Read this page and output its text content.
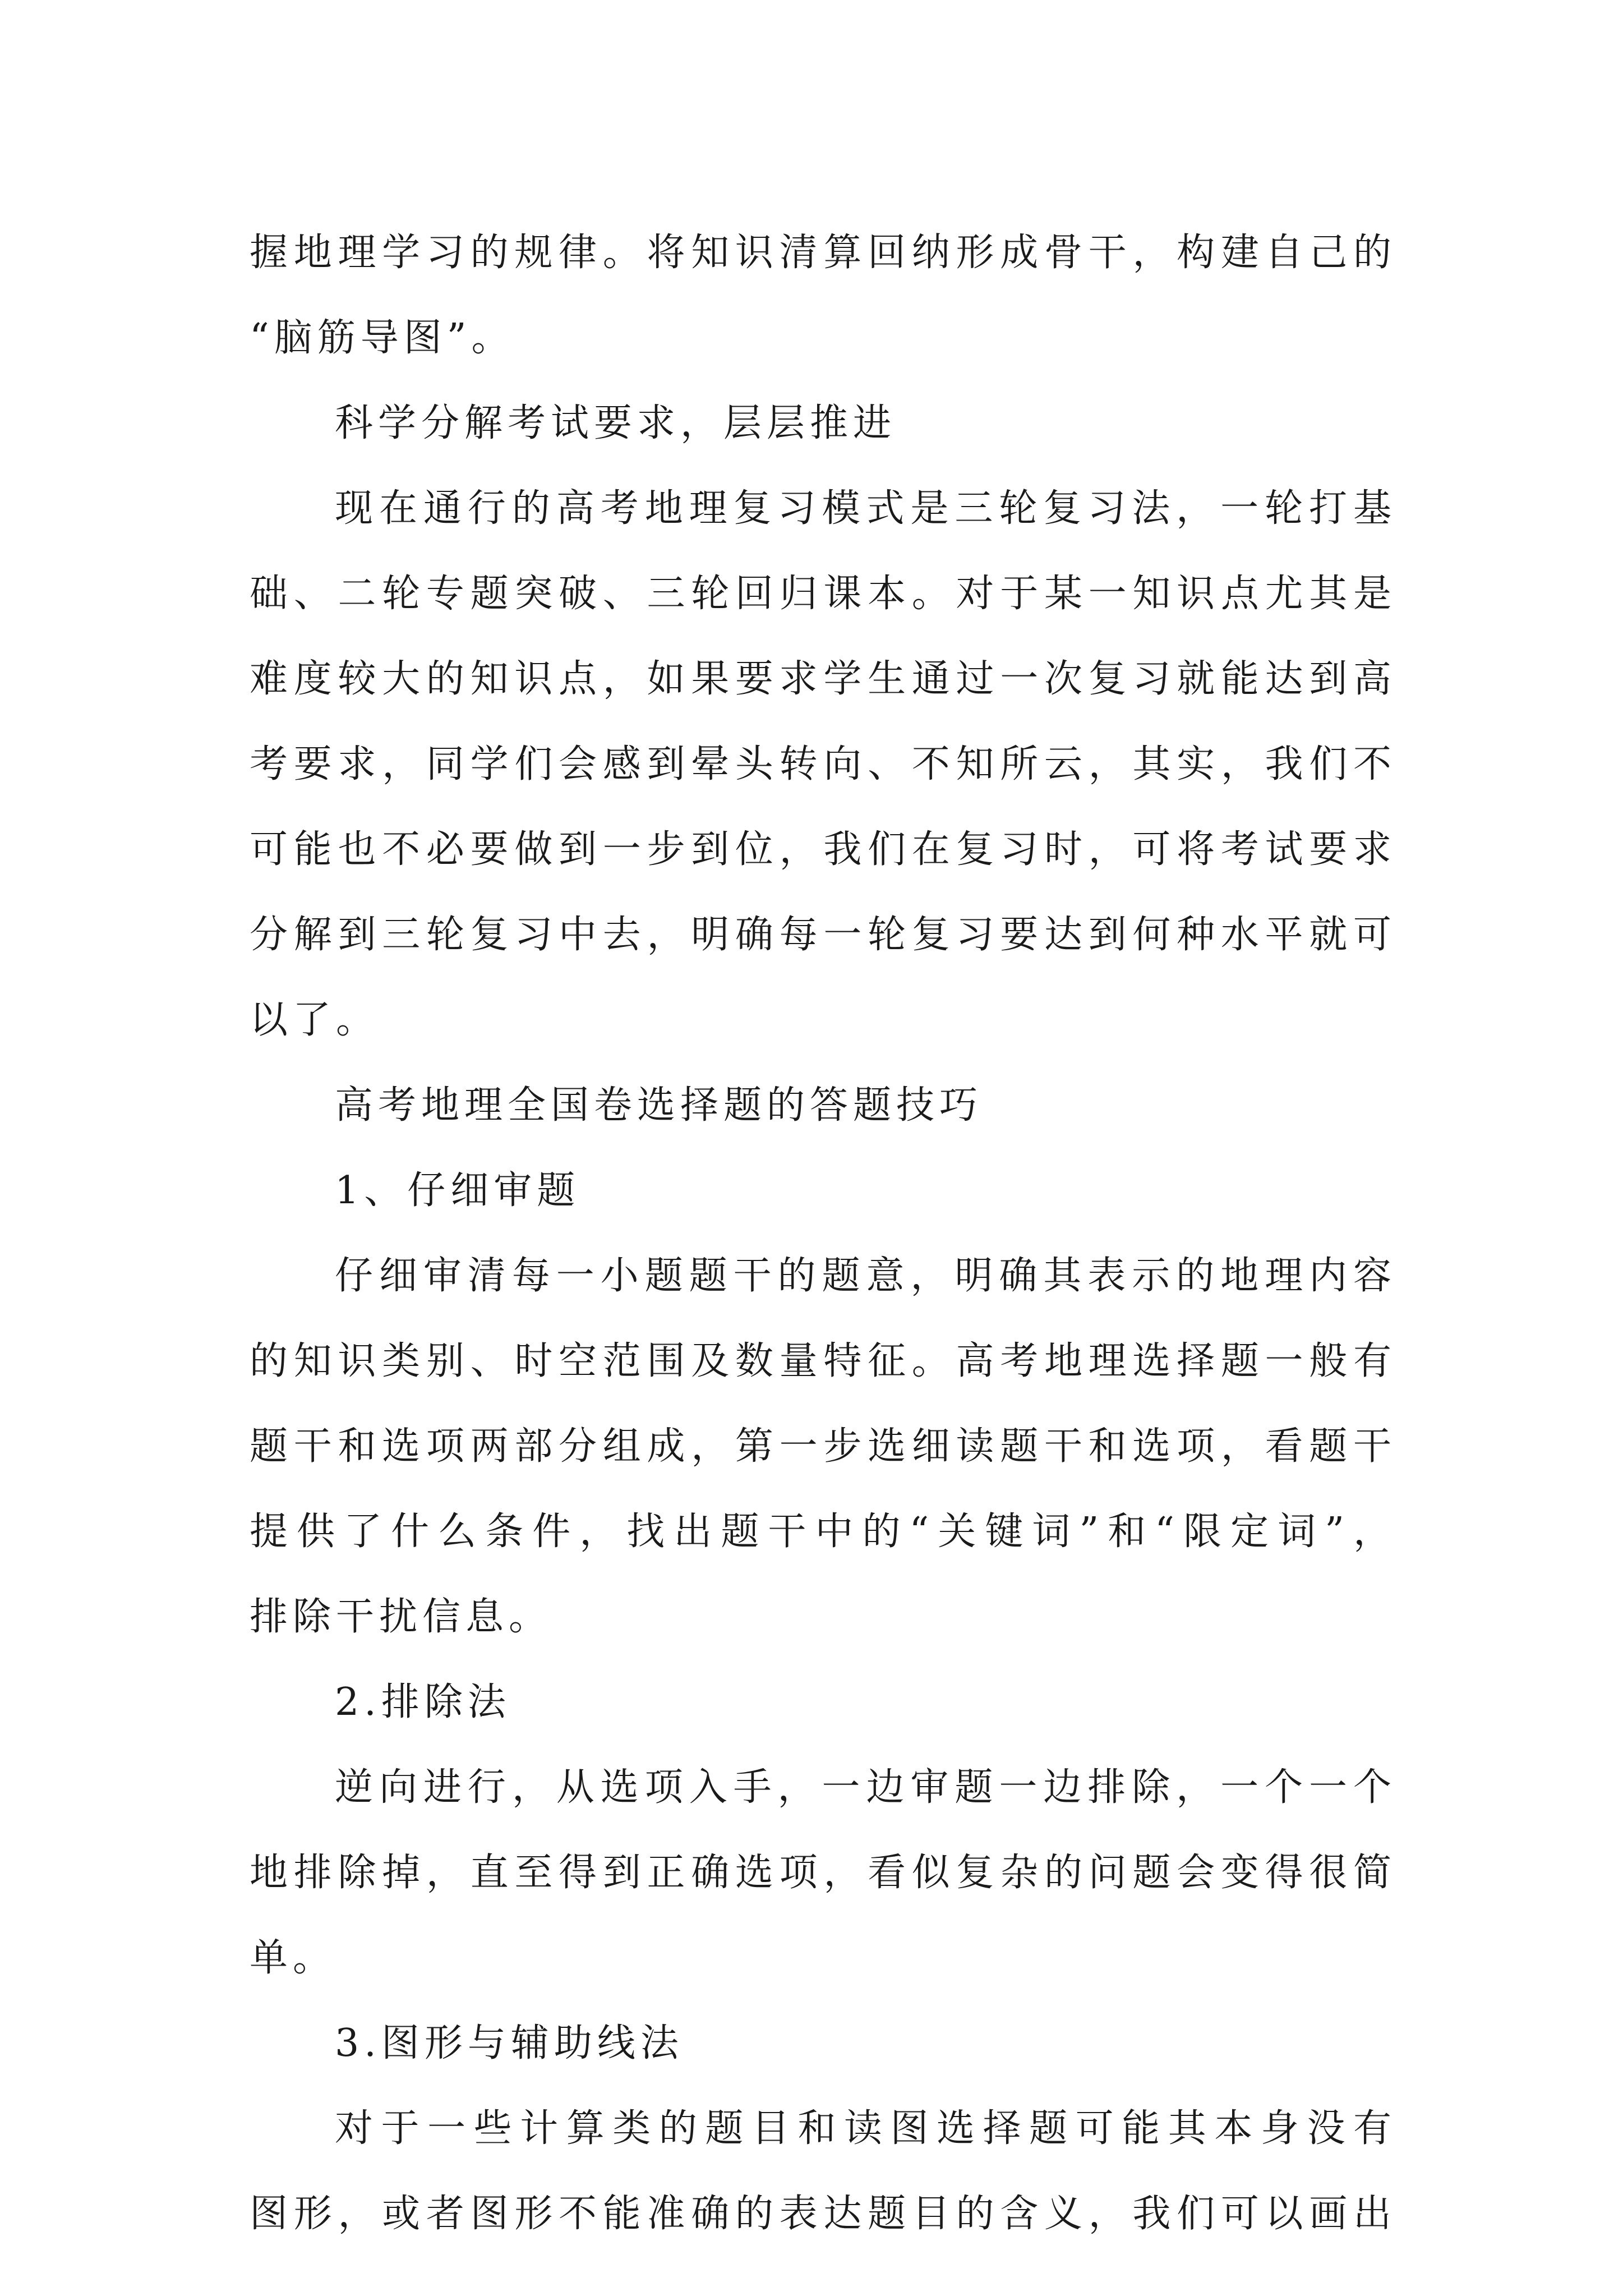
握地理学习的规律。将知识清算回纳形成骨干，构建自己的
“脑筋导图”。
科学分解考试要求，层层推进
现在通行的高考地理复习模式是三轮复习法，一轮打基
础、二轮专题突破、三轮回归课本。对于某一知识点尤其是
难度较大的知识点，如果要求学生通过一次复习就能达到高
考要求，同学们会感到晕头转向、不知所云，其实，我们不
可能也不必要做到一步到位，我们在复习时，可将考试要求
分解到三轮复习中去，明确每一轮复习要达到何种水平就可
以了。
高考地理全国卷选择题的答题技巧
1、仔细审题
仔细审清每一小题题干的题意，明确其表示的地理内容
的知识类别、时空范围及数量特征。高考地理选择题一般有
题干和选项两部分组成，第一步选细读题干和选项，看题干
提供了什么条件，找出题干中的“关键词”和“限定词”，
排除干扰信息。
2.排除法
逆向进行，从选项入手，一边审题一边排除，一个一个
地排除掉，直至得到正确选项，看似复杂的问题会变得很简
单。
3.图形与辅助线法
对于一些计算类的题目和读图选择题可能其本身没有
图形，或者图形不能准确的表达题目的含义，我们可以画出
